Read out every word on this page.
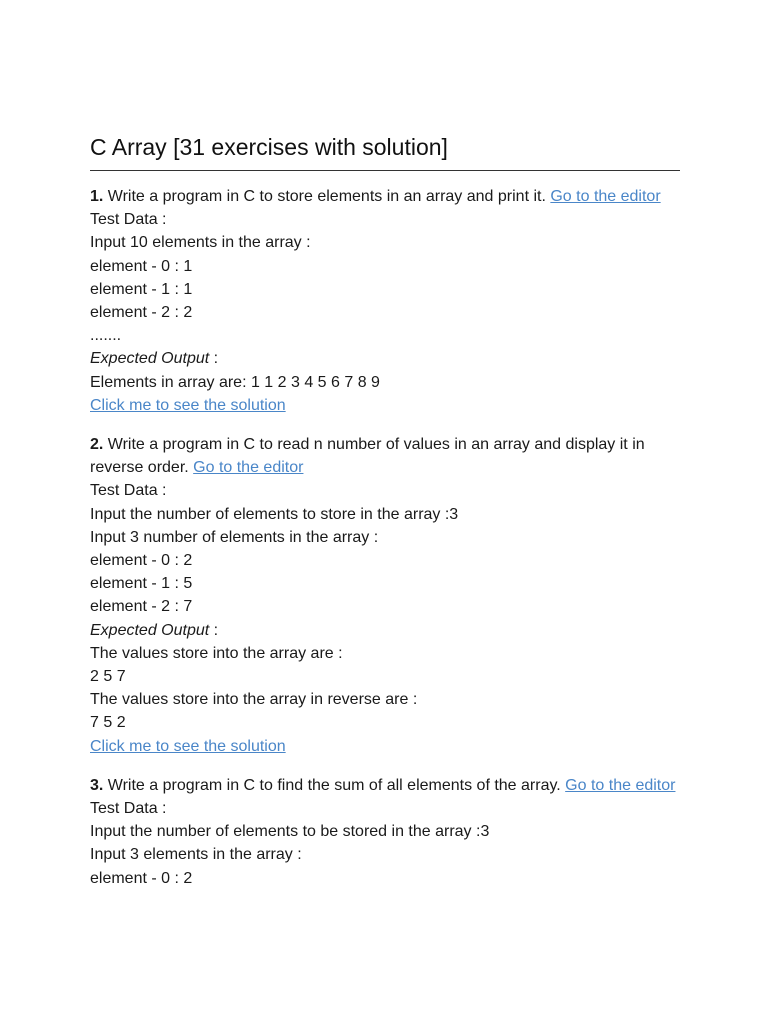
C Array [31 exercises with solution]
1. Write a program in C to store elements in an array and print it. Go to the editor
Test Data :
Input 10 elements in the array :
element - 0 : 1
element - 1 : 1
element - 2 : 2
.......
Expected Output :
Elements in array are: 1 1 2 3 4 5 6 7 8 9
Click me to see the solution
2. Write a program in C to read n number of values in an array and display it in reverse order. Go to the editor
Test Data :
Input the number of elements to store in the array :3
Input 3 number of elements in the array :
element - 0 : 2
element - 1 : 5
element - 2 : 7
Expected Output :
The values store into the array are :
2 5 7
The values store into the array in reverse are :
7 5 2
Click me to see the solution
3. Write a program in C to find the sum of all elements of the array. Go to the editor
Test Data :
Input the number of elements to be stored in the array :3
Input 3 elements in the array :
element - 0 : 2
